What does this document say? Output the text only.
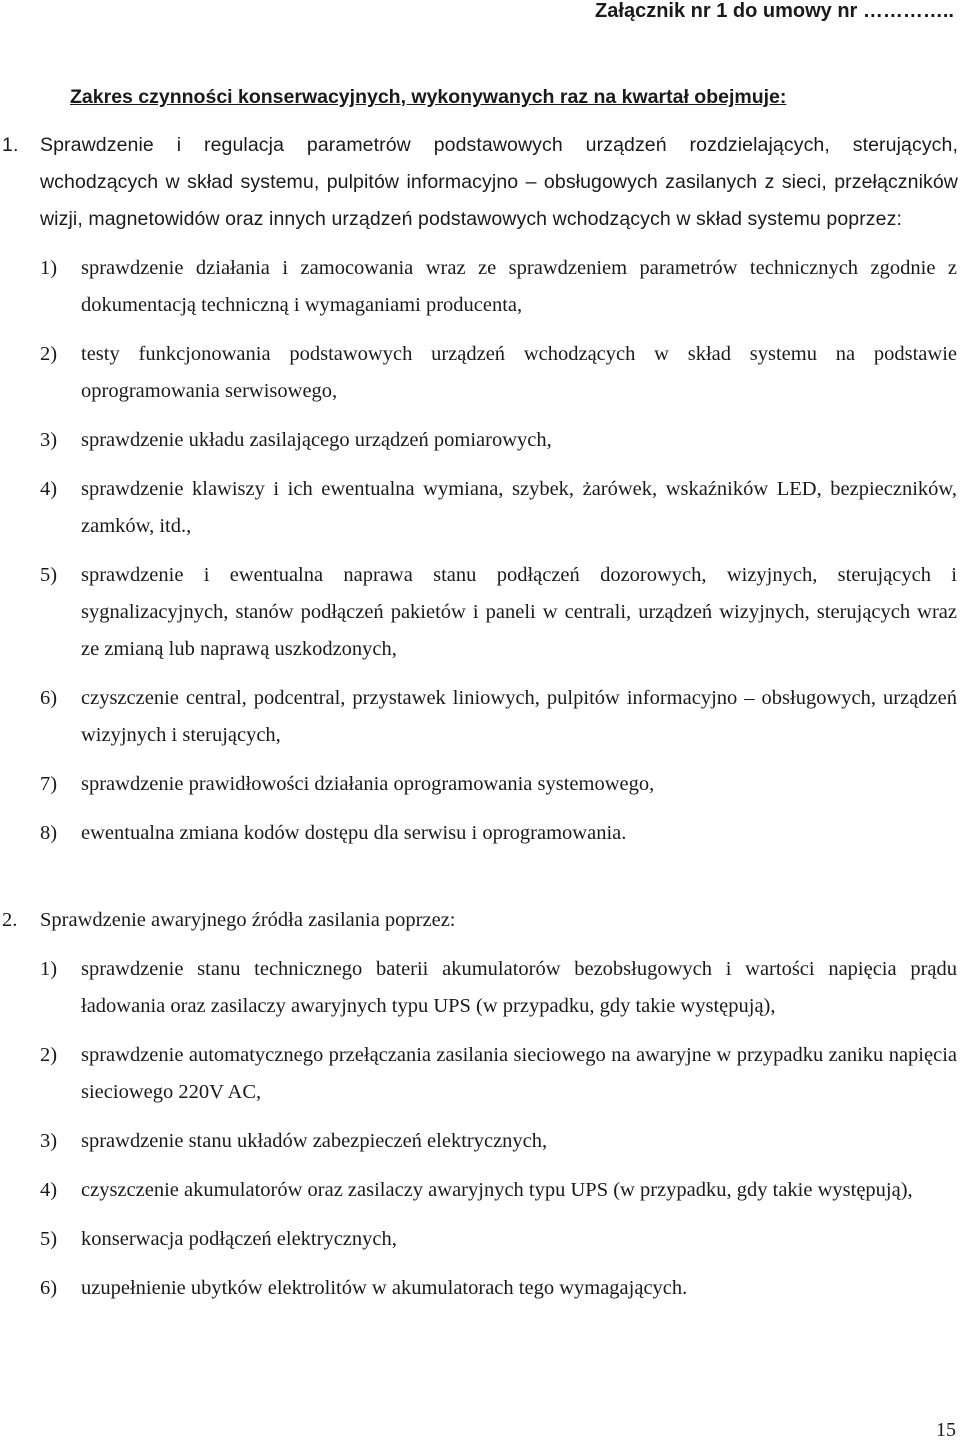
Załącznik nr 1 do umowy nr …………..
Zakres czynności konserwacyjnych, wykonywanych raz na kwartał obejmuje:
1. Sprawdzenie i regulacja parametrów podstawowych urządzeń rozdzielających, sterujących, wchodzących w skład systemu, pulpitów informacyjno – obsługowych zasilanych z sieci, przełączników wizji, magnetowidów oraz innych urządzeń podstawowych wchodzących w skład systemu poprzez:
1) sprawdzenie działania i zamocowania wraz ze sprawdzeniem parametrów technicznych zgodnie z dokumentacją techniczną i wymaganiami producenta,
2) testy funkcjonowania podstawowych urządzeń wchodzących w skład systemu na podstawie oprogramowania serwisowego,
3) sprawdzenie układu zasilającego urządzeń pomiarowych,
4) sprawdzenie klawiszy i ich ewentualna wymiana, szybek, żarówek, wskaźników LED, bezpieczników, zamków, itd.,
5) sprawdzenie i ewentualna naprawa stanu podłączeń dozorowych, wizyjnych, sterujących i sygnalizacyjnych, stanów podłączeń pakietów i paneli w centrali, urządzeń wizyjnych, sterujących wraz ze zmianą lub naprawą uszkodzonych,
6) czyszczenie central, podcentral, przystawek liniowych, pulpitów informacyjno – obsługowych, urządzeń wizyjnych i sterujących,
7) sprawdzenie prawidłowości działania oprogramowania systemowego,
8) ewentualna zmiana kodów dostępu dla serwisu i oprogramowania.
2. Sprawdzenie awaryjnego źródła zasilania poprzez:
1) sprawdzenie stanu technicznego baterii akumulatorów bezobsługowych i wartości napięcia prądu ładowania oraz zasilaczy awaryjnych typu UPS (w przypadku, gdy takie występują),
2) sprawdzenie automatycznego przełączania zasilania sieciowego na awaryjne w przypadku zaniku napięcia sieciowego 220V AC,
3) sprawdzenie stanu układów zabezpieczeń elektrycznych,
4) czyszczenie akumulatorów oraz zasilaczy awaryjnych typu UPS (w przypadku, gdy takie występują),
5) konserwacja podłączeń elektrycznych,
6) uzupełnienie ubytków elektrolitów w akumulatorach tego wymagających.
15
